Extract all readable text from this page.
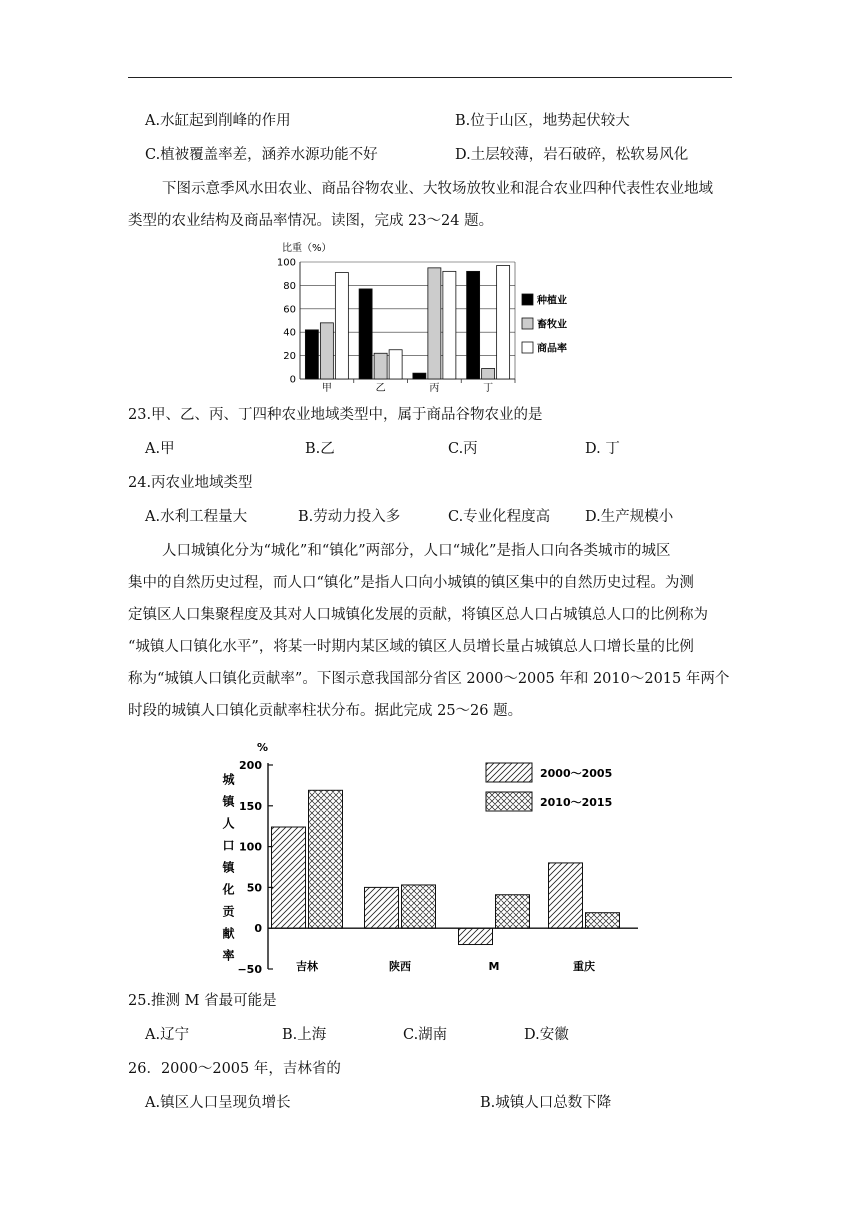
A.水缸起到削峰的作用	B.位于山区，地势起伏较大
C.植被覆盖率差，涵养水源功能不好	D.土层较薄，岩石破碎，松软易风化
下图示意季风水田农业、商品谷物农业、大牧场放牧业和混合农业四种代表性农业地域
类型的农业结构及商品率情况。读图，完成 23～24 题。
比重（%）
0
20
40
60
80
100
甲	乙	丙	丁
种植业
畜牧业
商品率
23.甲、乙、丙、丁四种农业地域类型中，属于商品谷物农业的是
A.甲	B.乙	C.丙	D. 丁
24.丙农业地域类型
A.水利工程量大	B.劳动力投入多	C.专业化程度高 D.生产规模小
人口城镇化分为“城化”和“镇化”两部分，人口“城化”是指人口向各类城市的城区
集中的自然历史过程，而人口“镇化”是指人口向小城镇的镇区集中的自然历史过程。为测
定镇区人口集聚程度及其对人口城镇化发展的贡献，将镇区总人口占城镇总人口的比例称为
“城镇人口镇化水平”，将某一时期内某区域的镇区人员增长量占城镇总人口增长量的比例
称为“城镇人口镇化贡献率”。下图示意我国部分省区 2000～2005 年和 2010～2015 年两个
时段的城镇人口镇化贡献率柱状分布。据此完成 25～26 题。
%
城镇人口镇化贡献率 −50
0
50
100
150
200
吉林	陕西	M	重庆
2000～2005
2010～2015
25.推测 M 省最可能是
A.辽宁	B.上海	C.湖南	D.安徽
26．2000～2005 年，吉林省的
A.镇区人口呈现负增长	B.城镇人口总数下降
